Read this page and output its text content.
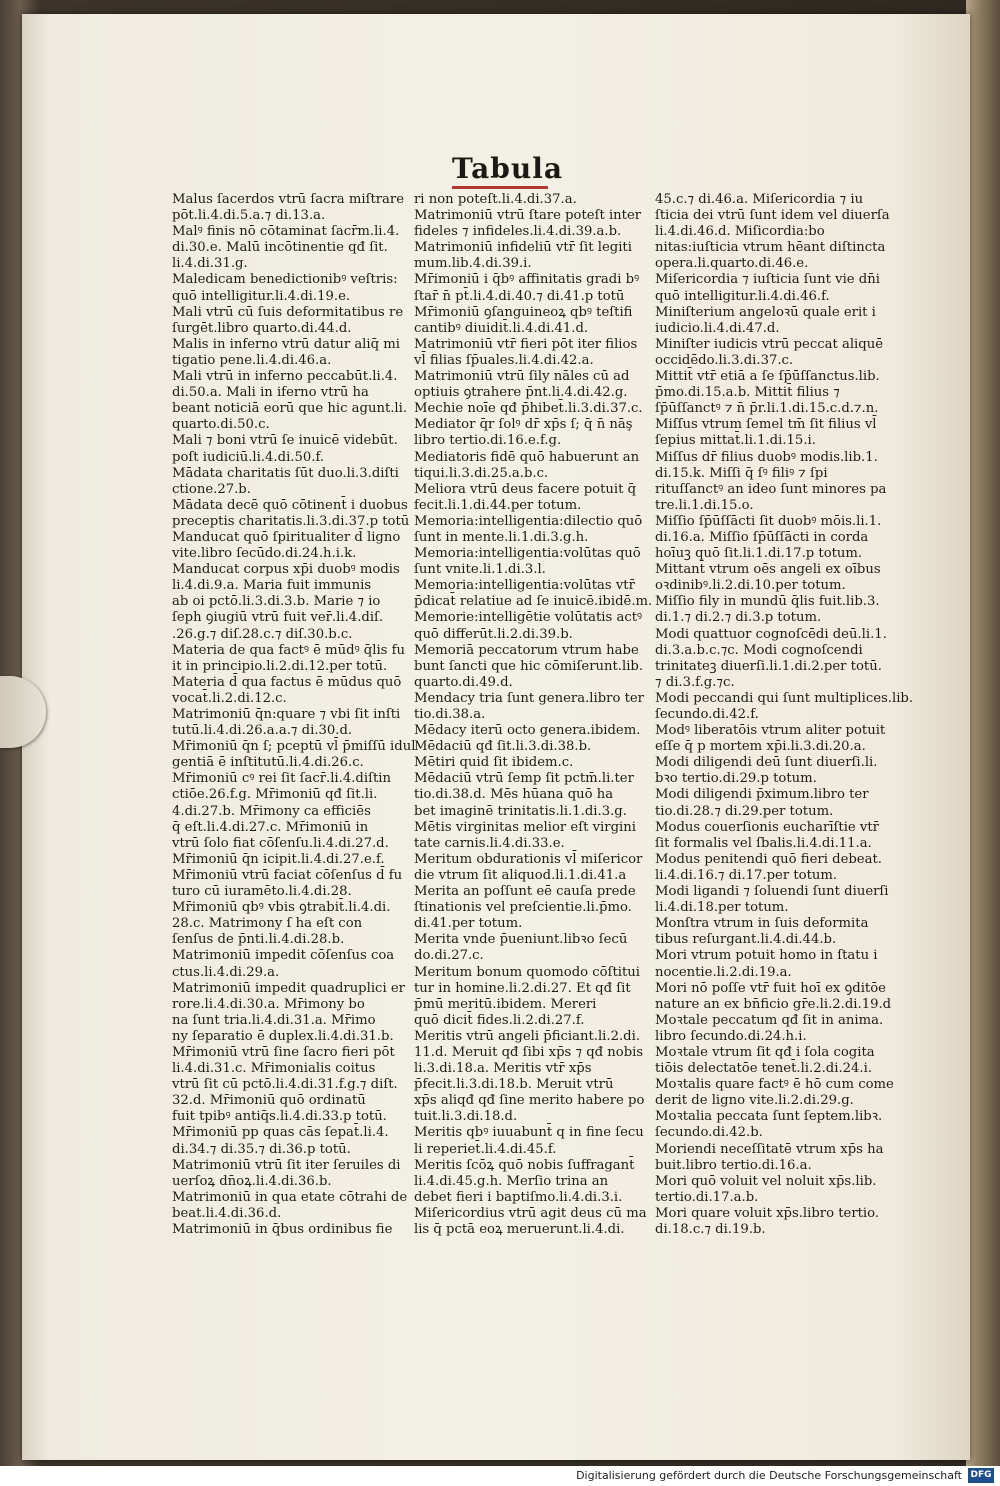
Tabula
Malus ſacerdos vtrū ſacra miſtrare
pōt.li.4.di.5.a.⁊ di.13.a.
Malꝰ finis nō cōtaminat ſacr̄m.li.4.
di.30.e. Malū incōtinentie qđ ſit.
li.4.di.31.g.
Maledicam benedictionibꝰ veſtris:
quō intelligitur.li.4.di.19.e.
Mali vtrū cū ſuis deformitatibus re
ſurgēt.libro quarto.di.44.d.
Malis in inferno vtrū datur aliq̄ mi
tigatio pene.li.4.di.46.a.
Mali vtrū in inferno peccabūt.li.4.
di.50.a. Mali in iferno vtrū ha
beant noticiā eorū que hic agunt.li.
quarto.di.50.c.
Mali ⁊ boni vtrū ſe inuicē videbūt.
poſt iudiciū.li.4.di.50.f.
Mādata charitatis ſūt duo.li.3.diſti
ctione.27.b.
Mādata decē quō cōtinent̄ i duobus
preceptis charitatis.li.3.di.37.p totū
Manducat quō ſpiritualiter d̄ ligno
vite.libro ſecūdo.di.24.h.i.k.
Manducat corpus xp̄i duobꝰ modis
li.4.di.9.a. Maria fuit immunis
ab oi pctō.li.3.di.3.b. Marie ⁊ io
ſeph ꝯiugiū vtrū fuit ver̄.li.4.diſ.
.26.g.⁊ diſ.28.c.⁊ diſ.30.b.c.
Materia de qua factꝰ ē mūdꝰ q̄lis fu
it in principio.li.2.di.12.per totū.
Materia d̄ qua factus ē mūdus quō
vocat̄.li.2.di.12.c.
Matrimoniū q̄n:quare ⁊ vbi ſit inſti
tutū.li.4.di.26.a.a.⁊ di.30.d.
Mr̄imoniū q̄n ſ; pceptū vl̄ p̄miſſū idul
gentiā ē inſtitutū.li.4.di.26.c.
Mr̄imoniū cꝰ rei ſit ſacr̄.li.4.diſtin
ctiōe.26.f.g. Mr̄imoniū qđ ſit.li.
4.di.27.b. Mr̄imony ca efficiēs
q̄ eſt.li.4.di.27.c. Mr̄imoniū in
vtrū ſolo fiat cōſenſu.li.4.di.27.d.
Mr̄imoniū q̄n icipit.li.4.di.27.e.f.
Mr̄imoniū vtrū faciat cōſenſus d̄ fu
turo cū iuramēto.li.4.di.28.
Mr̄imoniū qbꝰ vbis ꝯtrabit̄.li.4.di.
28.c. Matrimony ſ ha eſt con
ſenſus de p̄nti.li.4.di.28.b.
Matrimoniū impedit cōſenſus coa
ctus.li.4.di.29.a.
Matrimoniū impedit quadruplici er
rore.li.4.di.30.a. Mr̄imony bo
na ſunt tria.li.4.di.31.a. Mr̄imo
ny ſeparatio ē duplex.li.4.di.31.b.
Mr̄imoniū vtrū ſine ſacro fieri pōt
li.4.di.31.c. Mr̄imonialis coitus
vtrū ſit cū pctō.li.4.di.31.f.g.⁊ diſt.
32.d. Mr̄imoniū quō ordinatū
fuit tpibꝰ antiq̄s.li.4.di.33.p totū.
Mr̄imoniū pp quas cās ſepat̄.li.4.
di.34.⁊ di.35.⁊ di.36.p totū.
Matrimoniū vtrū ſit iter ſeruiles di
uerſoꝝ dn̄oꝝ.li.4.di.36.b.
Matrimoniū in qua etate cōtrahi de
beat.li.4.di.36.d.
Matrimoniū in q̄bus ordinibus fie
ri non poteſt.li.4.di.37.a.
Matrimoniū vtrū ſtare poteſt inter
fideles ⁊ infideles.li.4.di.39.a.b.
Matrimoniū infideliū vtr̄ ſit legiti
mum.lib.4.di.39.i.
Mr̄imoniū i q̄bꝰ affinitatis gradi bꝰ
ſtar̄ n̄ pt̄.li.4.di.40.⁊ di.41.p totū
Mr̄imoniū ꝯſanguineoꝝ qbꝰ teſtifi
cantibꝰ diuidit̄.li.4.di.41.d.
Matrimoniū vtr̄ fieri pōt iter filios
vl̄ filias ſp̄uales.li.4.di.42.a.
Matrimoniū vtrū ſily nāles cū ad
optiuis ꝯtrahere p̄nt.li.4.di.42.g.
Mechie noīe qđ p̄hibet̄.li.3.di.37.c.
Mediator q̄r ſolꝰ dr̄ xp̄s ſ; q̄ n̄ nāş
libro tertio.di.16.e.f.g.
Mediatoris fidē quō habuerunt an
tiqui.li.3.di.25.a.b.c.
Meliora vtrū deus facere potuit q̄
fecit.li.1.di.44.per totum.
Memoria:intelligentia:dilectio quō
ſunt in mente.li.1.di.3.g.h.
Memoria:intelligentia:volūtas quō
ſunt vnite.li.1.di.3.l.
Memoria:intelligentia:volūtas vtr̄
p̄dicat̄ relatiue ad ſe inuicē.ibidē.m.
Memorie:intelligētie volūtatis actꝰ
quō differūt.li.2.di.39.b.
Memoriā peccatorum vtrum habe
bunt ſancti que hic cōmiſerunt.lib.
quarto.di.49.d.
Mendacy tria ſunt genera.libro ter
tio.di.38.a.
Mēdacy iterū octo genera.ibidem.
Mēdaciū qđ ſit.li.3.di.38.b.
Mētiri quid ſit ibidem.c.
Mēdaciū vtrū ſemp ſit pctm̄.li.ter
tio.di.38.d. Mēs hūana quō ha
bet imaginē trinitatis.li.1.di.3.g.
Mētis virginitas melior eſt virgini
tate carnis.li.4.di.33.e.
Meritum obdurationis vl̄ miſericor
die vtrum ſit aliquod.li.1.di.41.a
Merita an poſſunt eē cauſa prede
ſtinationis vel preſcientie.li.p̄mo.
di.41.per totum.
Merita vnde p̄ueniunt.libꝛo ſecū
do.di.27.c.
Meritum bonum quomodo cōſtitui
tur in homine.li.2.di.27. Et qđ ſit
p̄mū meritū.ibidem. Mereri
quō dicit̄ fides.li.2.di.27.f.
Meritis vtrū angeli p̄ficiant.li.2.di.
11.d. Meruit qđ ſibi xp̄s ⁊ qđ nobis
li.3.di.18.a. Meritis vtr̄ xp̄s
p̄fecit.li.3.di.18.b. Meruit vtrū
xp̄s aliqđ qđ ſine merito habere po
tuit.li.3.di.18.d.
Meritis qbꝰ iuuabunt̄ q in fine ſecu
li reperiet̄.li.4.di.45.f.
Meritis ſcōꝝ quō nobis ſuffragant̄
li.4.di.45.g.h. Merſio trina an
debet fieri i baptiſmo.li.4.di.3.i.
Miſericordius vtrū agit deus cū ma
lis q̄ pctā eoꝝ meruerunt.li.4.di.
45.c.⁊ di.46.a. Miſericordia ⁊ iu
ſticia dei vtrū ſunt idem vel diuerſa
li.4.di.46.d. Miſicordia:bo
nitas:iuſticia vtrum hēant diſtincta
opera.li.quarto.di.46.e.
Miſericordia ⁊ iuſticia ſunt vie dn̄i
quō intelligitur.li.4.di.46.f.
Miniſterium angeloꝛū quale erit i
iudicio.li.4.di.47.d.
Miniſter iudicis vtrū peccat aliquē
occidēdo.li.3.di.37.c.
Mittit̄ vtr̄ etiā a ſe ſp̄ūſſanctus.lib.
p̄mo.di.15.a.b. Mittit̄ filius ⁊
ſp̄ūſſanctꝰ ⁊ n̄ p̄r.li.1.di.15.c.d.⁊.n.
Miſſus vtrum ſemel tm̄ ſit filius vl̄
ſepius mittat̄.li.1.di.15.i.
Miſſus dr̄ filius duobꝰ modis.lib.1.
di.15.k. Miſſi q̄ ſꝰ filiꝰ ⁊ ſpi
rituſſanctꝰ an ideo ſunt minores pa
tre.li.1.di.15.o.
Miſſio ſp̄ūſſācti ſit duobꝰ mōis.li.1.
di.16.a. Miſſio ſp̄ūſſācti in corda
hoīuꝫ quō ſit.li.1.di.17.p totum.
Mittant̄ vtrum oēs angeli ex oībus
oꝛdinibꝰ.li.2.di.10.per totum.
Miſſio fily in mundū q̄lis fuit.lib.3.
di.1.⁊ di.2.⁊ di.3.p totum.
Modi quattuor cognoſcēdi deū.li.1.
di.3.a.b.c.⁊c. Modi cognoſcendi
trinitateꝫ diuerſi.li.1.di.2.per totū.
⁊ di.3.f.g.⁊c.
Modi peccandi qui ſunt multiplices.lib.
ſecundo.di.42.f.
Modꝰ liberatōis vtrum aliter potuit
eſſe q̄ p mortem xp̄i.li.3.di.20.a.
Modi diligendi deū ſunt diuerſi.li.
bꝛo tertio.di.29.p totum.
Modi diligendi p̄ximum.libro ter
tio.di.28.⁊ di.29.per totum.
Modus couerſionis eucharīſtie vtr̄
ſit formalis vel ſbalis.li.4.di.11.a.
Modus penitendi quō fieri debeat.
li.4.di.16.⁊ di.17.per totum.
Modi ligandi ⁊ ſoluendi ſunt diuerſi
li.4.di.18.per totum.
Monſtra vtrum in ſuis deformita
tibus reſurgant.li.4.di.44.b.
Mori vtrum potuit homo in ſtatu i
nocentie.li.2.di.19.a.
Mori nō poſſe vtr̄ fuit hoī ex ꝯditōe
nature an ex bn̄ficio gr̄e.li.2.di.19.d
Moꝛtale peccatum qđ ſit in anima.
libro ſecundo.di.24.h.i.
Moꝛtale vtrum ſit qđ i ſola cogita
tiōis delectatōe tenet̄.li.2.di.24.i.
Moꝛtalis quare factꝰ ē hō cum come
derit de ligno vite.li.2.di.29.g.
Moꝛtalia peccata ſunt ſeptem.libꝛ.
ſecundo.di.42.b.
Moriendi neceſſitatē vtrum xp̄s ha
buit.libro tertio.di.16.a.
Mori quō voluit vel noluit xp̄s.lib.
tertio.di.17.a.b.
Mori quare voluit xp̄s.libro tertio.
di.18.c.⁊ di.19.b.
Digitalisierung gefördert durch die Deutsche Forschungsgemeinschaft DFG
